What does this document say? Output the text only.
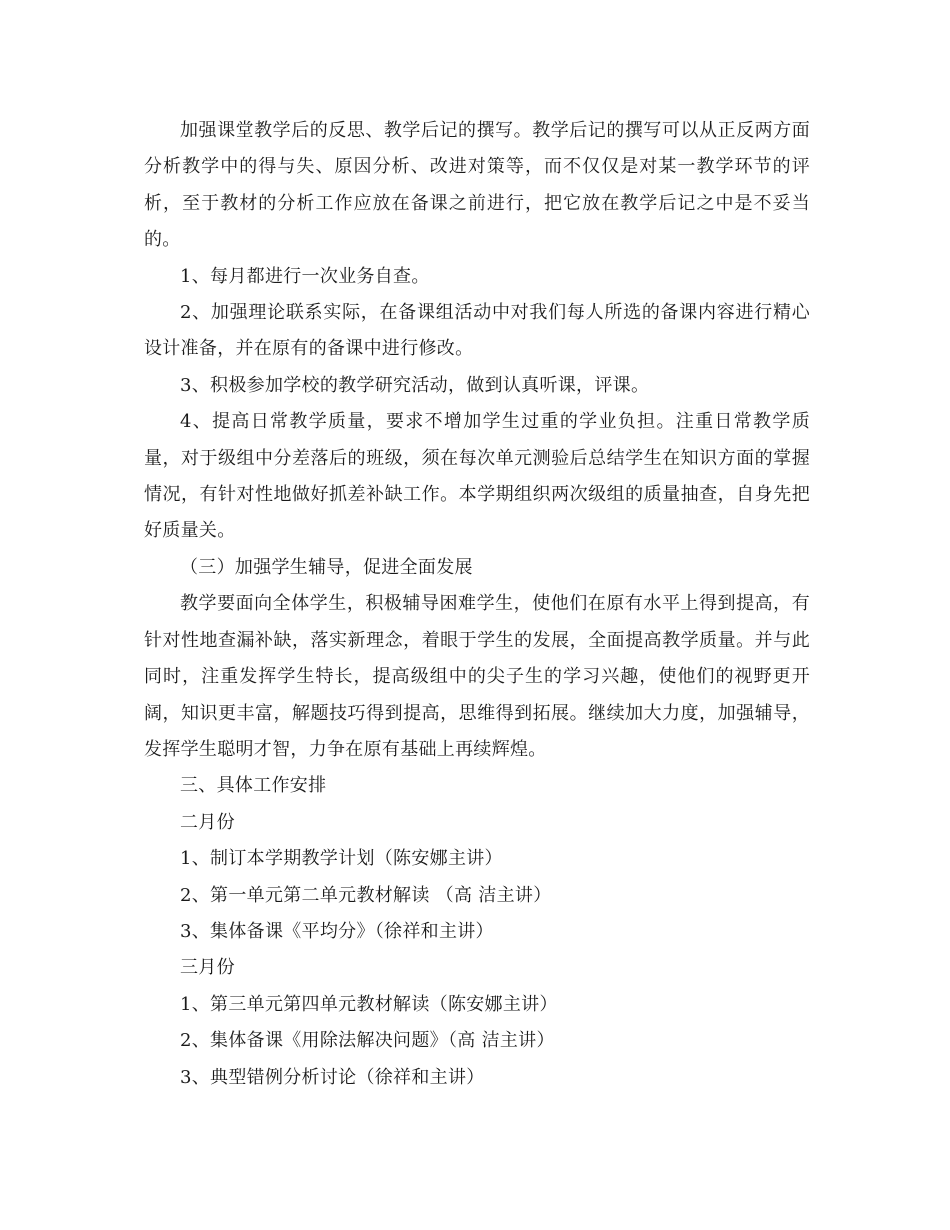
加强课堂教学后的反思、教学后记的撰写。教学后记的撰写可以从正反两方面分析教学中的得与失、原因分析、改进对策等，而不仅仅是对某一教学环节的评析，至于教材的分析工作应放在备课之前进行，把它放在教学后记之中是不妥当的。

1、每月都进行一次业务自查。

2、加强理论联系实际，在备课组活动中对我们每人所选的备课内容进行精心设计准备，并在原有的备课中进行修改。

3、积极参加学校的教学研究活动，做到认真听课，评课。

4、提高日常教学质量，要求不增加学生过重的学业负担。注重日常教学质量，对于级组中分差落后的班级，须在每次单元测验后总结学生在知识方面的掌握情况，有针对性地做好抓差补缺工作。本学期组织两次级组的质量抽查，自身先把好质量关。

（三）加强学生辅导，促进全面发展

教学要面向全体学生，积极辅导困难学生，使他们在原有水平上得到提高，有针对性地查漏补缺，落实新理念，着眼于学生的发展，全面提高教学质量。并与此同时，注重发挥学生特长，提高级组中的尖子生的学习兴趣，使他们的视野更开阔，知识更丰富，解题技巧得到提高，思维得到拓展。继续加大力度，加强辅导，发挥学生聪明才智，力争在原有基础上再续辉煌。

三、具体工作安排

二月份

1、制订本学期教学计划（陈安娜主讲）

2、第一单元第二单元教材解读 （高 洁主讲）

3、集体备课《平均分》（徐祥和主讲）

三月份

1、第三单元第四单元教材解读（陈安娜主讲）

2、集体备课《用除法解决问题》（高 洁主讲）

3、典型错例分析讨论（徐祥和主讲）
